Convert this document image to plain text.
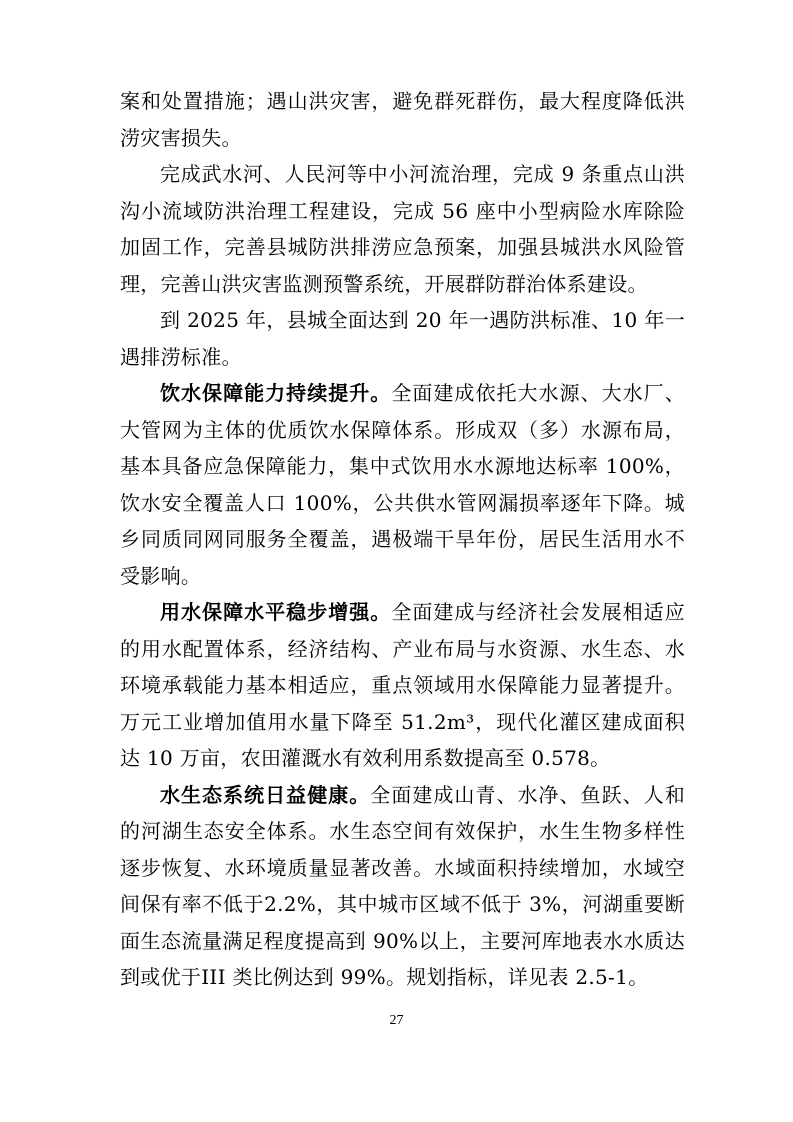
案和处置措施；遇山洪灾害，避免群死群伤，最大程度降低洪涝灾害损失。

完成武水河、人民河等中小河流治理，完成 9 条重点山洪沟小流域防洪治理工程建设，完成 56 座中小型病险水库除险加固工作，完善县城防洪排涝应急预案，加强县城洪水风险管理，完善山洪灾害监测预警系统，开展群防群治体系建设。

到 2025 年，县城全面达到 20 年一遇防洪标准、10 年一遇排涝标准。

饮水保障能力持续提升。全面建成依托大水源、大水厂、大管网为主体的优质饮水保障体系。形成双（多）水源布局，基本具备应急保障能力，集中式饮用水水源地达标率 100%，饮水安全覆盖人口 100%，公共供水管网漏损率逐年下降。城乡同质同网同服务全覆盖，遇极端干旱年份，居民生活用水不受影响。

用水保障水平稳步增强。全面建成与经济社会发展相适应的用水配置体系，经济结构、产业布局与水资源、水生态、水环境承载能力基本相适应，重点领域用水保障能力显著提升。万元工业增加值用水量下降至 51.2m³，现代化灌区建成面积达 10 万亩，农田灌溉水有效利用系数提高至 0.578。

水生态系统日益健康。全面建成山青、水净、鱼跃、人和的河湖生态安全体系。水生态空间有效保护，水生生物多样性 逐步恢复、水环境质量显著改善。水域面积持续增加，水域空间保有率不低于2.2%，其中城市区域不低于 3%，河湖重要断面生态流量满足程度提高到 90%以上，主要河库地表水水质达到或优于III 类比例达到 99%。规划指标，详见表 2.5-1。

27
